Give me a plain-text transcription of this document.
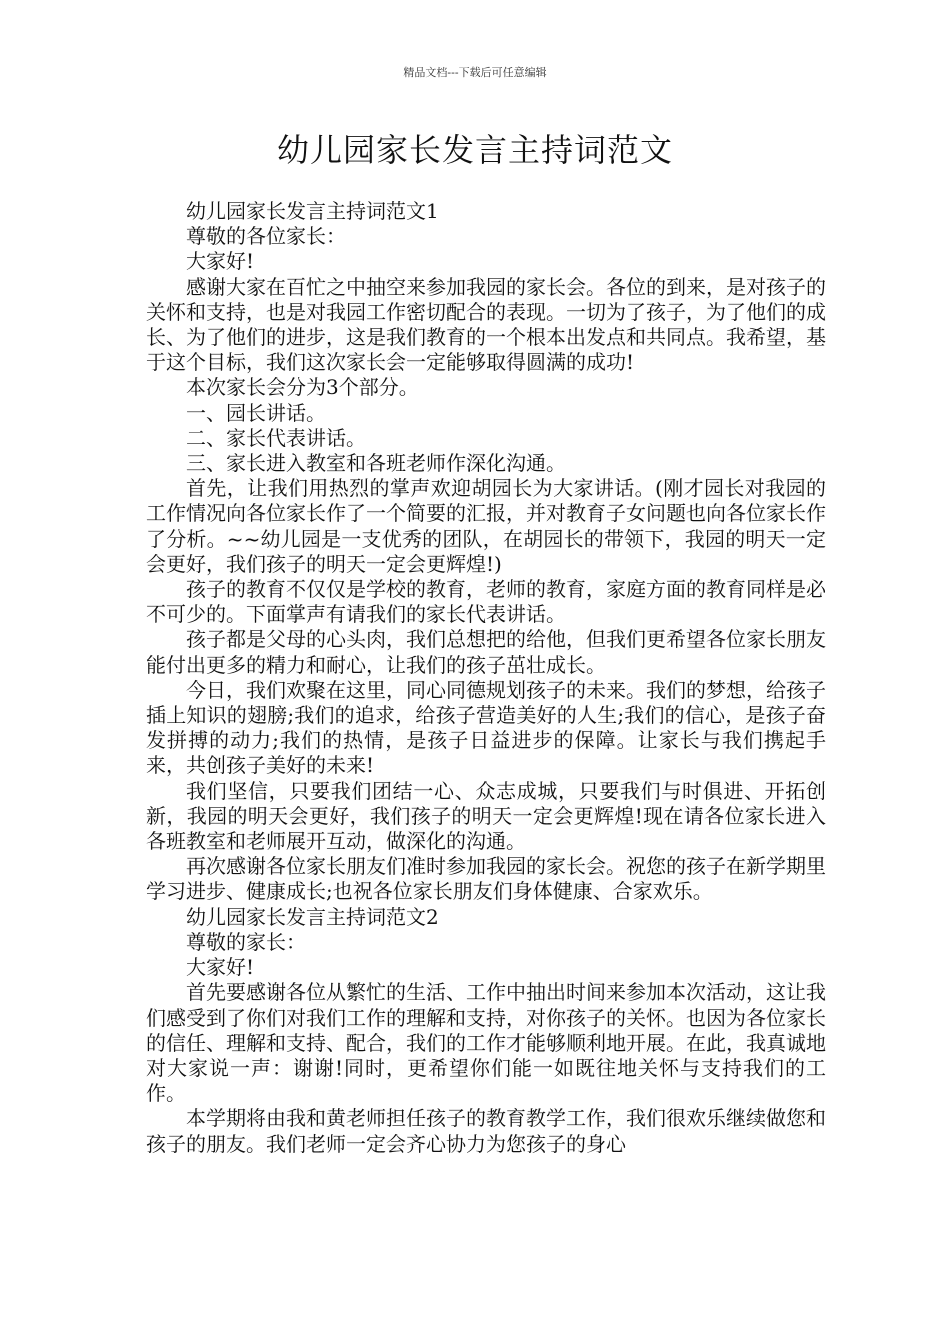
精品文档---下载后可任意编辑
幼儿园家长发言主持词范文

幼儿园家长发言主持词范文1

尊敬的各位家长：

大家好!

感谢大家在百忙之中抽空来参加我园的家长会。各位的到来，是对孩子的关怀和支持，也是对我园工作密切配合的表现。一切为了孩子，为了他们的成长、为了他们的进步，这是我们教育的一个根本出发点和共同点。我希望，基于这个目标，我们这次家长会一定能够取得圆满的成功!

本次家长会分为3个部分。

一、园长讲话。

二、家长代表讲话。

三、家长进入教室和各班老师作深化沟通。

首先，让我们用热烈的掌声欢迎胡园长为大家讲话。(刚才园长对我园的工作情况向各位家长作了一个简要的汇报，并对教育子女问题也向各位家长作了分析。~~幼儿园是一支优秀的团队，在胡园长的带领下，我园的明天一定会更好，我们孩子的明天一定会更辉煌!)

孩子的教育不仅仅是学校的教育，老师的教育，家庭方面的教育同样是必不可少的。下面掌声有请我们的家长代表讲话。

孩子都是父母的心头肉，我们总想把的给他，但我们更希望各位家长朋友能付出更多的精力和耐心，让我们的孩子茁壮成长。

今日，我们欢聚在这里，同心同德规划孩子的未来。我们的梦想，给孩子插上知识的翅膀;我们的追求，给孩子营造美好的人生;我们的信心，是孩子奋发拼搏的动力;我们的热情，是孩子日益进步的保障。让家长与我们携起手来，共创孩子美好的未来!

我们坚信，只要我们团结一心、众志成城，只要我们与时俱进、开拓创新，我园的明天会更好，我们孩子的明天一定会更辉煌!现在请各位家长进入各班教室和老师展开互动，做深化的沟通。

再次感谢各位家长朋友们准时参加我园的家长会。祝您的孩子在新学期里学习进步、健康成长;也祝各位家长朋友们身体健康、合家欢乐。

幼儿园家长发言主持词范文2

尊敬的家长：

大家好!

首先要感谢各位从繁忙的生活、工作中抽出时间来参加本次活动，这让我们感受到了你们对我们工作的理解和支持，对你孩子的关怀。也因为各位家长的信任、理解和支持、配合，我们的工作才能够顺利地开展。在此，我真诚地对大家说一声：谢谢!同时，更希望你们能一如既往地关怀与支持我们的工作。

本学期将由我和黄老师担任孩子的教育教学工作，我们很欢乐继续做您和孩子的朋友。我们老师一定会齐心协力为您孩子的身心
